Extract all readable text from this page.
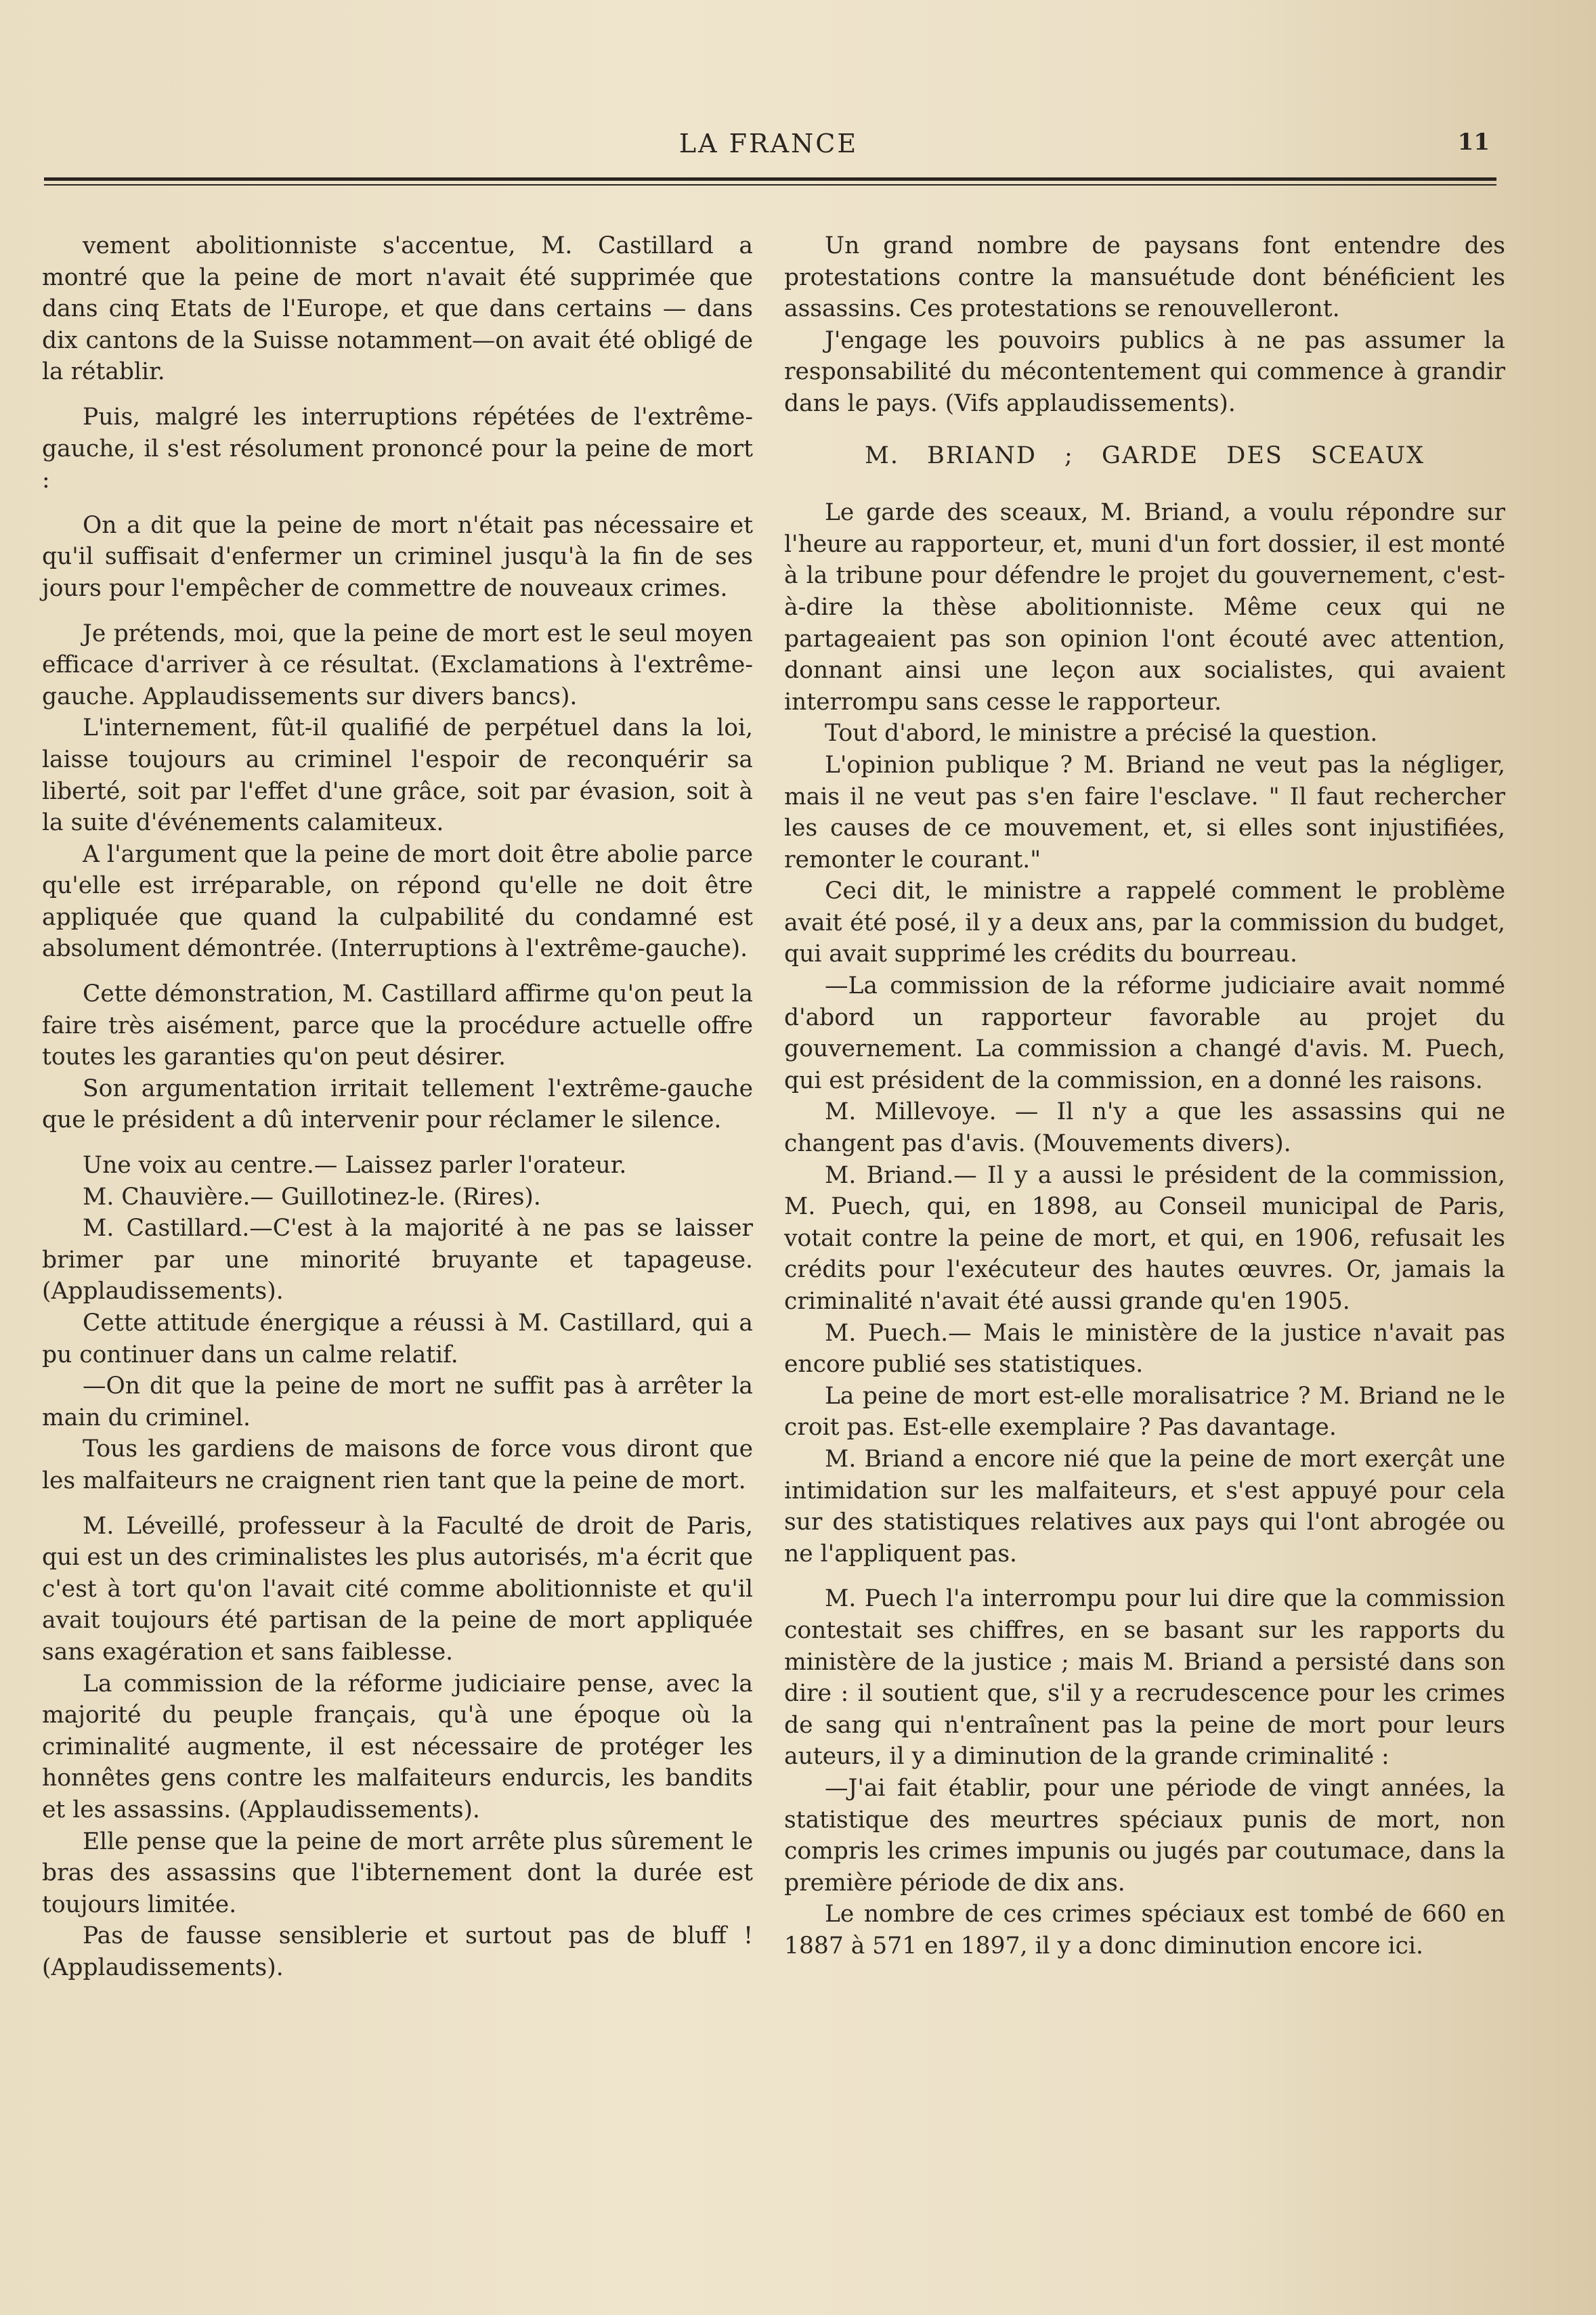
LA FRANCE	11

vement abolitionniste s'accentue, M. Castillard a montré que la peine de mort n'avait été supprimée que dans cinq Etats de l'Europe, et que dans certains — dans dix cantons de la Suisse notamment—on avait été obligé de la rétablir.

Puis, malgré les interruptions répétées de l'extrême-gauche, il s'est résolument prononcé pour la peine de mort :

On a dit que la peine de mort n'était pas nécessaire et qu'il suffisait d'enfermer un criminel jusqu'à la fin de ses jours pour l'empêcher de commettre de nouveaux crimes.

Je prétends, moi, que la peine de mort est le seul moyen efficace d'arriver à ce résultat. (Exclamations à l'extrême-gauche. Applaudissements sur divers bancs).

L'internement, fût-il qualifié de perpétuel dans la loi, laisse toujours au criminel l'espoir de reconquérir sa liberté, soit par l'effet d'une grâce, soit par évasion, soit à la suite d'événements calamiteux.

A l'argument que la peine de mort doit être abolie parce qu'elle est irréparable, on répond qu'elle ne doit être appliquée que quand la culpabilité du condamné est absolument démontrée. (Interruptions à l'extrême-gauche).

Cette démonstration, M. Castillard affirme qu'on peut la faire très aisément, parce que la procédure actuelle offre toutes les garanties qu'on peut désirer.

Son argumentation irritait tellement l'extrême-gauche que le président a dû intervenir pour réclamer le silence.

Une voix au centre.— Laissez parler l'orateur.

M. Chauvière.— Guillotinez-le. (Rires).

M. Castillard.—C'est à la majorité à ne pas se laisser brimer par une minorité bruyante et tapageuse. (Applaudissements).

Cette attitude énergique a réussi à M. Castillard, qui a pu continuer dans un calme relatif.

—On dit que la peine de mort ne suffit pas à arrêter la main du criminel.

Tous les gardiens de maisons de force vous diront que les malfaiteurs ne craignent rien tant que la peine de mort.

M. Léveillé, professeur à la Faculté de droit de Paris, qui est un des criminalistes les plus autorisés, m'a écrit que c'est à tort qu'on l'avait cité comme abolitionniste et qu'il avait toujours été partisan de la peine de mort appliquée sans exagération et sans faiblesse.

La commission de la réforme judiciaire pense, avec la majorité du peuple français, qu'à une époque où la criminalité augmente, il est nécessaire de protéger les honnêtes gens contre les malfaiteurs endurcis, les bandits et les assassins. (Applaudissements).

Elle pense que la peine de mort arrête plus sûrement le bras des assassins que l'ibternement dont la durée est toujours limitée.

Pas de fausse sensiblerie et surtout pas de bluff ! (Applaudissements).

Un grand nombre de paysans font entendre des protestations contre la mansuétude dont bénéficient les assassins. Ces protestations se renouvelleront.

J'engage les pouvoirs publics à ne pas assumer la responsabilité du mécontentement qui commence à grandir dans le pays. (Vifs applaudissements).

M. BRIAND ; GARDE DES SCEAUX

Le garde des sceaux, M. Briand, a voulu répondre sur l'heure au rapporteur, et, muni d'un fort dossier, il est monté à la tribune pour défendre le projet du gouvernement, c'est-à-dire la thèse abolitionniste. Même ceux qui ne partageaient pas son opinion l'ont écouté avec attention, donnant ainsi une leçon aux socialistes, qui avaient interrompu sans cesse le rapporteur.

Tout d'abord, le ministre a précisé la question.

L'opinion publique ? M. Briand ne veut pas la négliger, mais il ne veut pas s'en faire l'esclave. " Il faut rechercher les causes de ce mouvement, et, si elles sont injustifiées, remonter le courant."

Ceci dit, le ministre a rappelé comment le problème avait été posé, il y a deux ans, par la commission du budget, qui avait supprimé les crédits du bourreau.

—La commission de la réforme judiciaire avait nommé d'abord un rapporteur favorable au projet du gouvernement. La commission a changé d'avis. M. Puech, qui est président de la commission, en a donné les raisons.

M. Millevoye. — Il n'y a que les assassins qui ne changent pas d'avis. (Mouvements divers).

M. Briand.— Il y a aussi le président de la commission, M. Puech, qui, en 1898, au Conseil municipal de Paris, votait contre la peine de mort, et qui, en 1906, refusait les crédits pour l'exécuteur des hautes œuvres. Or, jamais la criminalité n'avait été aussi grande qu'en 1905.

M. Puech.— Mais le ministère de la justice n'avait pas encore publié ses statistiques.

La peine de mort est-elle moralisatrice ? M. Briand ne le croit pas. Est-elle exemplaire ? Pas davantage.

M. Briand a encore nié que la peine de mort exerçât une intimidation sur les malfaiteurs, et s'est appuyé pour cela sur des statistiques relatives aux pays qui l'ont abrogée ou ne l'appliquent pas.

M. Puech l'a interrompu pour lui dire que la commission contestait ses chiffres, en se basant sur les rapports du ministère de la justice ; mais M. Briand a persisté dans son dire : il soutient que, s'il y a recrudescence pour les crimes de sang qui n'entraînent pas la peine de mort pour leurs auteurs, il y a diminution de la grande criminalité :

—J'ai fait établir, pour une période de vingt années, la statistique des meurtres spéciaux punis de mort, non compris les crimes impunis ou jugés par coutumace, dans la première période de dix ans.

Le nombre de ces crimes spéciaux est tombé de 660 en 1887 à 571 en 1897, il y a donc diminution encore ici.
